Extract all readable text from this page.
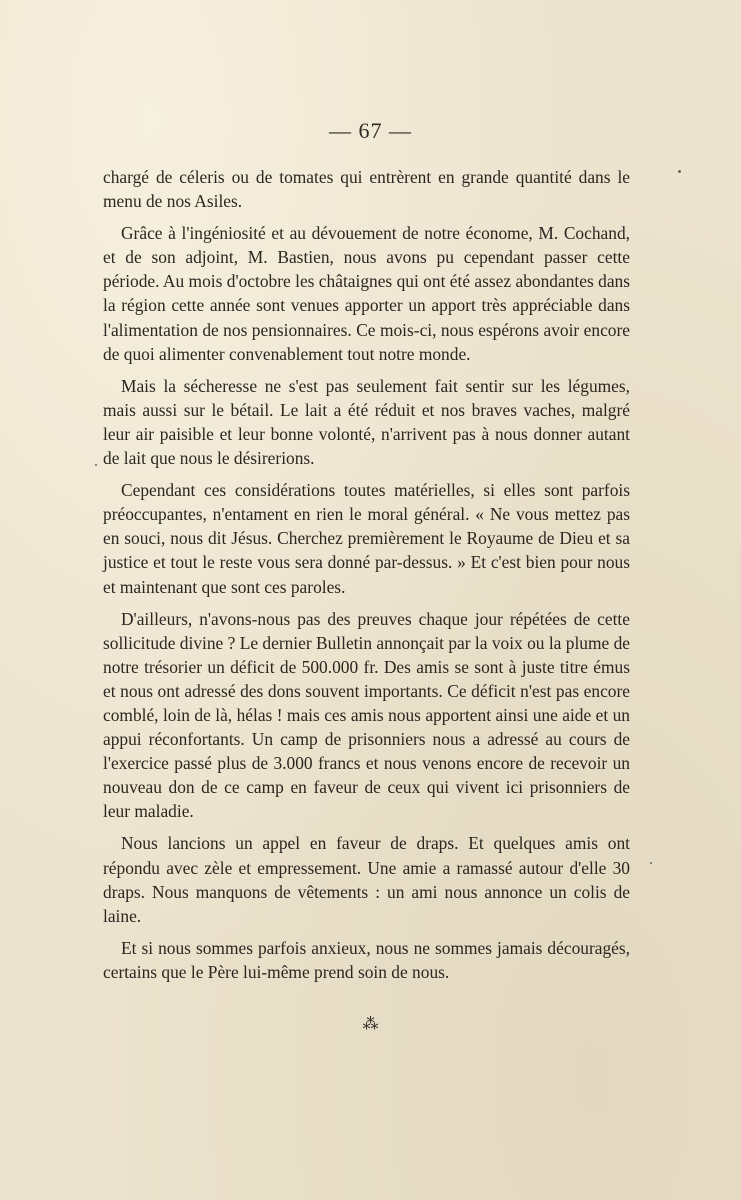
— 67 —

chargé de céleris ou de tomates qui entrèrent en grande quantité dans le menu de nos Asiles.

Grâce à l'ingéniosité et au dévouement de notre économe, M. Cochand, et de son adjoint, M. Bastien, nous avons pu cependant passer cette période. Au mois d'octobre les châtaignes qui ont été assez abondantes dans la région cette année sont venues apporter un apport très appréciable dans l'alimentation de nos pensionnaires. Ce mois-ci, nous espérons avoir encore de quoi alimenter convenablement tout notre monde.

Mais la sécheresse ne s'est pas seulement fait sentir sur les légumes, mais aussi sur le bétail. Le lait a été réduit et nos braves vaches, malgré leur air paisible et leur bonne volonté, n'arrivent pas à nous donner autant de lait que nous le désirerions.

Cependant ces considérations toutes matérielles, si elles sont parfois préoccupantes, n'entament en rien le moral général. « Ne vous mettez pas en souci, nous dit Jésus. Cherchez premièrement le Royaume de Dieu et sa justice et tout le reste vous sera donné par-dessus. » Et c'est bien pour nous et maintenant que sont ces paroles.

D'ailleurs, n'avons-nous pas des preuves chaque jour répétées de cette sollicitude divine ? Le dernier Bulletin annonçait par la voix ou la plume de notre trésorier un déficit de 500.000 fr. Des amis se sont à juste titre émus et nous ont adressé des dons souvent importants. Ce déficit n'est pas encore comblé, loin de là, hélas ! mais ces amis nous apportent ainsi une aide et un appui réconfortants. Un camp de prisonniers nous a adressé au cours de l'exercice passé plus de 3.000 francs et nous venons encore de recevoir un nouveau don de ce camp en faveur de ceux qui vivent ici prisonniers de leur maladie.

Nous lancions un appel en faveur de draps. Et quelques amis ont répondu avec zèle et empressement. Une amie a ramassé autour d'elle 30 draps. Nous manquons de vêtements : un ami nous annonce un colis de laine.

Et si nous sommes parfois anxieux, nous ne sommes jamais découragés, certains que le Père lui-même prend soin de nous.

⁂
